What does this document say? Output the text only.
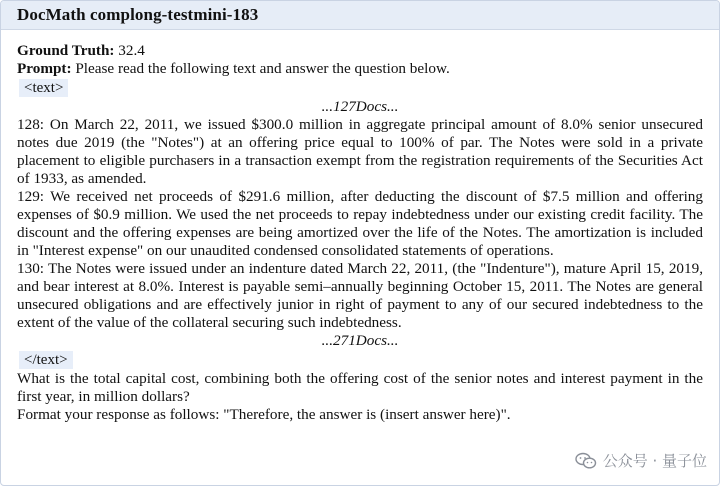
DocMath complong-testmini-183
Ground Truth: 32.4
Prompt: Please read the following text and answer the question below.
<text>
...127Docs...
128: On March 22, 2011, we issued $300.0 million in aggregate principal amount of 8.0% senior unsecured notes due 2019 (the "Notes") at an offering price equal to 100% of par. The Notes were sold in a private placement to eligible purchasers in a transaction exempt from the registration requirements of the Securities Act of 1933, as amended.
129: We received net proceeds of $291.6 million, after deducting the discount of $7.5 million and offering expenses of $0.9 million. We used the net proceeds to repay indebtedness under our existing credit facility. The discount and the offering expenses are being amortized over the life of the Notes. The amortization is included in "Interest expense" on our unaudited condensed consolidated statements of operations.
130: The Notes were issued under an indenture dated March 22, 2011, (the "Indenture"), mature April 15, 2019, and bear interest at 8.0%. Interest is payable semi–annually beginning October 15, 2011. The Notes are general unsecured obligations and are effectively junior in right of payment to any of our secured indebtedness to the extent of the value of the collateral securing such indebtedness.
...271Docs...
</text>
What is the total capital cost, combining both the offering cost of the senior notes and interest payment in the first year, in million dollars?
Format your response as follows: "Therefore, the answer is (insert answer here)".
公众号 · 量子位
